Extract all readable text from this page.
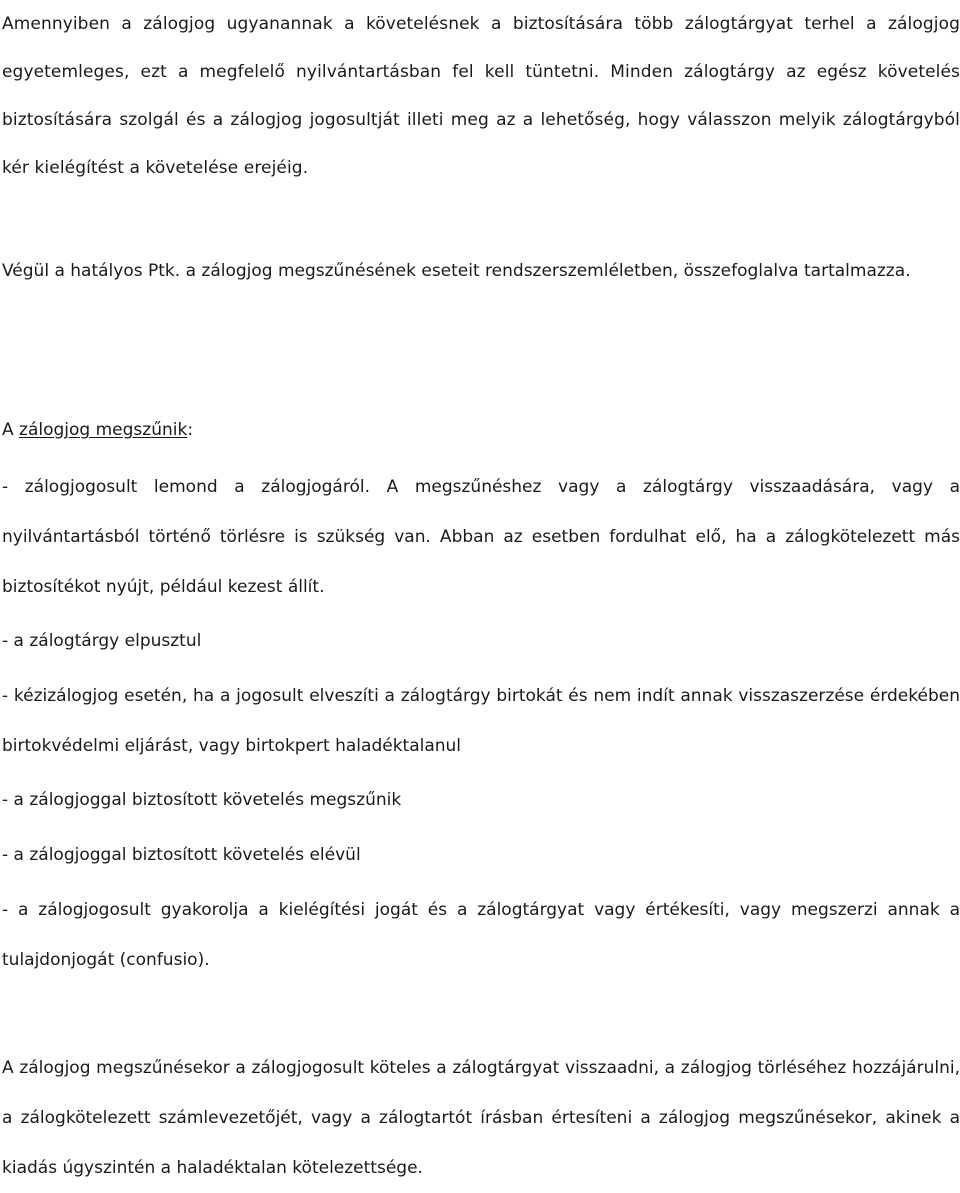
Amennyiben a zálogjog ugyanannak a követelésnek a biztosítására több zálogtárgyat terhel a zálogjog egyetemleges, ezt a megfelelő nyilvántartásban fel kell tüntetni. Minden zálogtárgy az egész követelés biztosítására szolgál és a zálogjog jogosultját illeti meg az a lehetőség, hogy válasszon melyik zálogtárgyból kér kielégítést a követelése erejéig.

Végül a hatályos Ptk. a zálogjog megszűnésének eseteit rendszerszemléletben, összefoglalva tartalmazza.

A zálogjog megszűnik:

- zálogjogosult lemond a zálogjogáról. A megszűnéshez vagy a zálogtárgy visszaadására, vagy a nyilvántartásból történő törlésre is szükség van. Abban az esetben fordulhat elő, ha a zálogkötelezett más biztosítékot nyújt, például kezest állít.

- a zálogtárgy elpusztul

- kézizálogjog esetén, ha a jogosult elveszíti a zálogtárgy birtokát és nem indít annak visszaszerzése érdekében birtokvédelmi eljárást, vagy birtokpert haladéktalanul

- a zálogjoggal biztosított követelés megszűnik

- a zálogjoggal biztosított követelés elévül

- a zálogjogosult gyakorolja a kielégítési jogát és a zálogtárgyat vagy értékesíti, vagy megszerzi annak a tulajdonjogát (confusio).

A zálogjog megszűnésekor a zálogjogosult köteles a zálogtárgyat visszaadni, a zálogjog törléséhez hozzájárulni, a zálogkötelezett számlevezetőjét, vagy a zálogtartót írásban értesíteni a zálogjog megszűnésekor, akinek a kiadás úgyszintén a haladéktalan kötelezettsége.
